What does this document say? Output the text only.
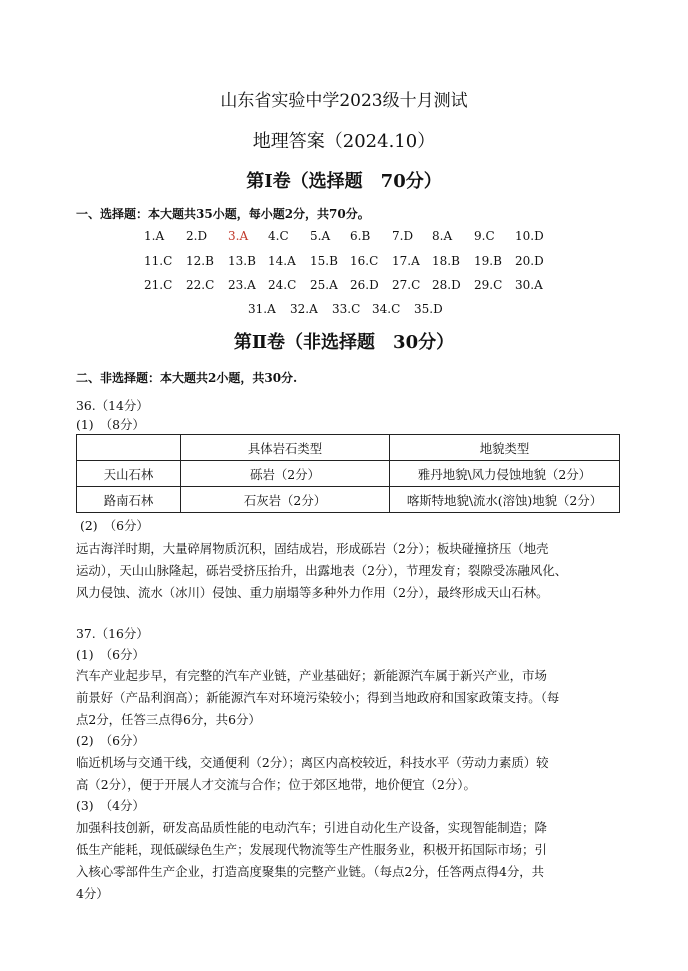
山东省实验中学2023级十月测试
地理答案（2024.10）
第Ⅰ卷（选择题　70分）
一、选择题：本大题共35小题，每小题2分，共70分。
1.A 2.D 3.A 4.C 5.A 6.B 7.D 8.A 9.C 10.D
11.C 12.B 13.B 14.A 15.B 16.C 17.A 18.B 19.B 20.D
21.C 22.C 23.A 24.C 25.A 26.D 27.C 28.D 29.C 30.A
31.A 32.A 33.C 34.C 35.D
第Ⅱ卷（非选择题　30分）
二、非选择题：本大题共2小题，共30分.
36.（14分）
(1)　（8分）
	具体岩石类型	地貌类型
天山石林	砾岩（2分）	雅丹地貌\风力侵蚀地貌（2分）
路南石林	石灰岩（2分）	喀斯特地貌\流水(溶蚀)地貌（2分）
(2)　（6分）
远古海洋时期，大量碎屑物质沉积，固结成岩，形成砾岩（2分）；板块碰撞挤压（地壳
运动），天山山脉隆起，砾岩受挤压抬升，出露地表（2分），节理发育；裂隙受冻融风化、
风力侵蚀、流水（冰川）侵蚀、重力崩塌等多种外力作用（2分），最终形成天山石林。
37.（16分）
(1)　（6分）
汽车产业起步早，有完整的汽车产业链，产业基础好；新能源汽车属于新兴产业，市场
前景好（产品利润高）；新能源汽车对环境污染较小；得到当地政府和国家政策支持。（每
点2分，任答三点得6分，共6分）
(2)　（6分）
临近机场与交通干线，交通便利（2分）；离区内高校较近，科技水平（劳动力素质）较
高（2分），便于开展人才交流与合作；位于郊区地带，地价便宜（2分）。
(3)　（4分）
加强科技创新，研发高品质性能的电动汽车；引进自动化生产设备，实现智能制造；降
低生产能耗，现低碳绿色生产；发展现代物流等生产性服务业，积极开拓国际市场；引
入核心零部件生产企业，打造高度聚集的完整产业链。（每点2分，任答两点得4分，共
4分）
